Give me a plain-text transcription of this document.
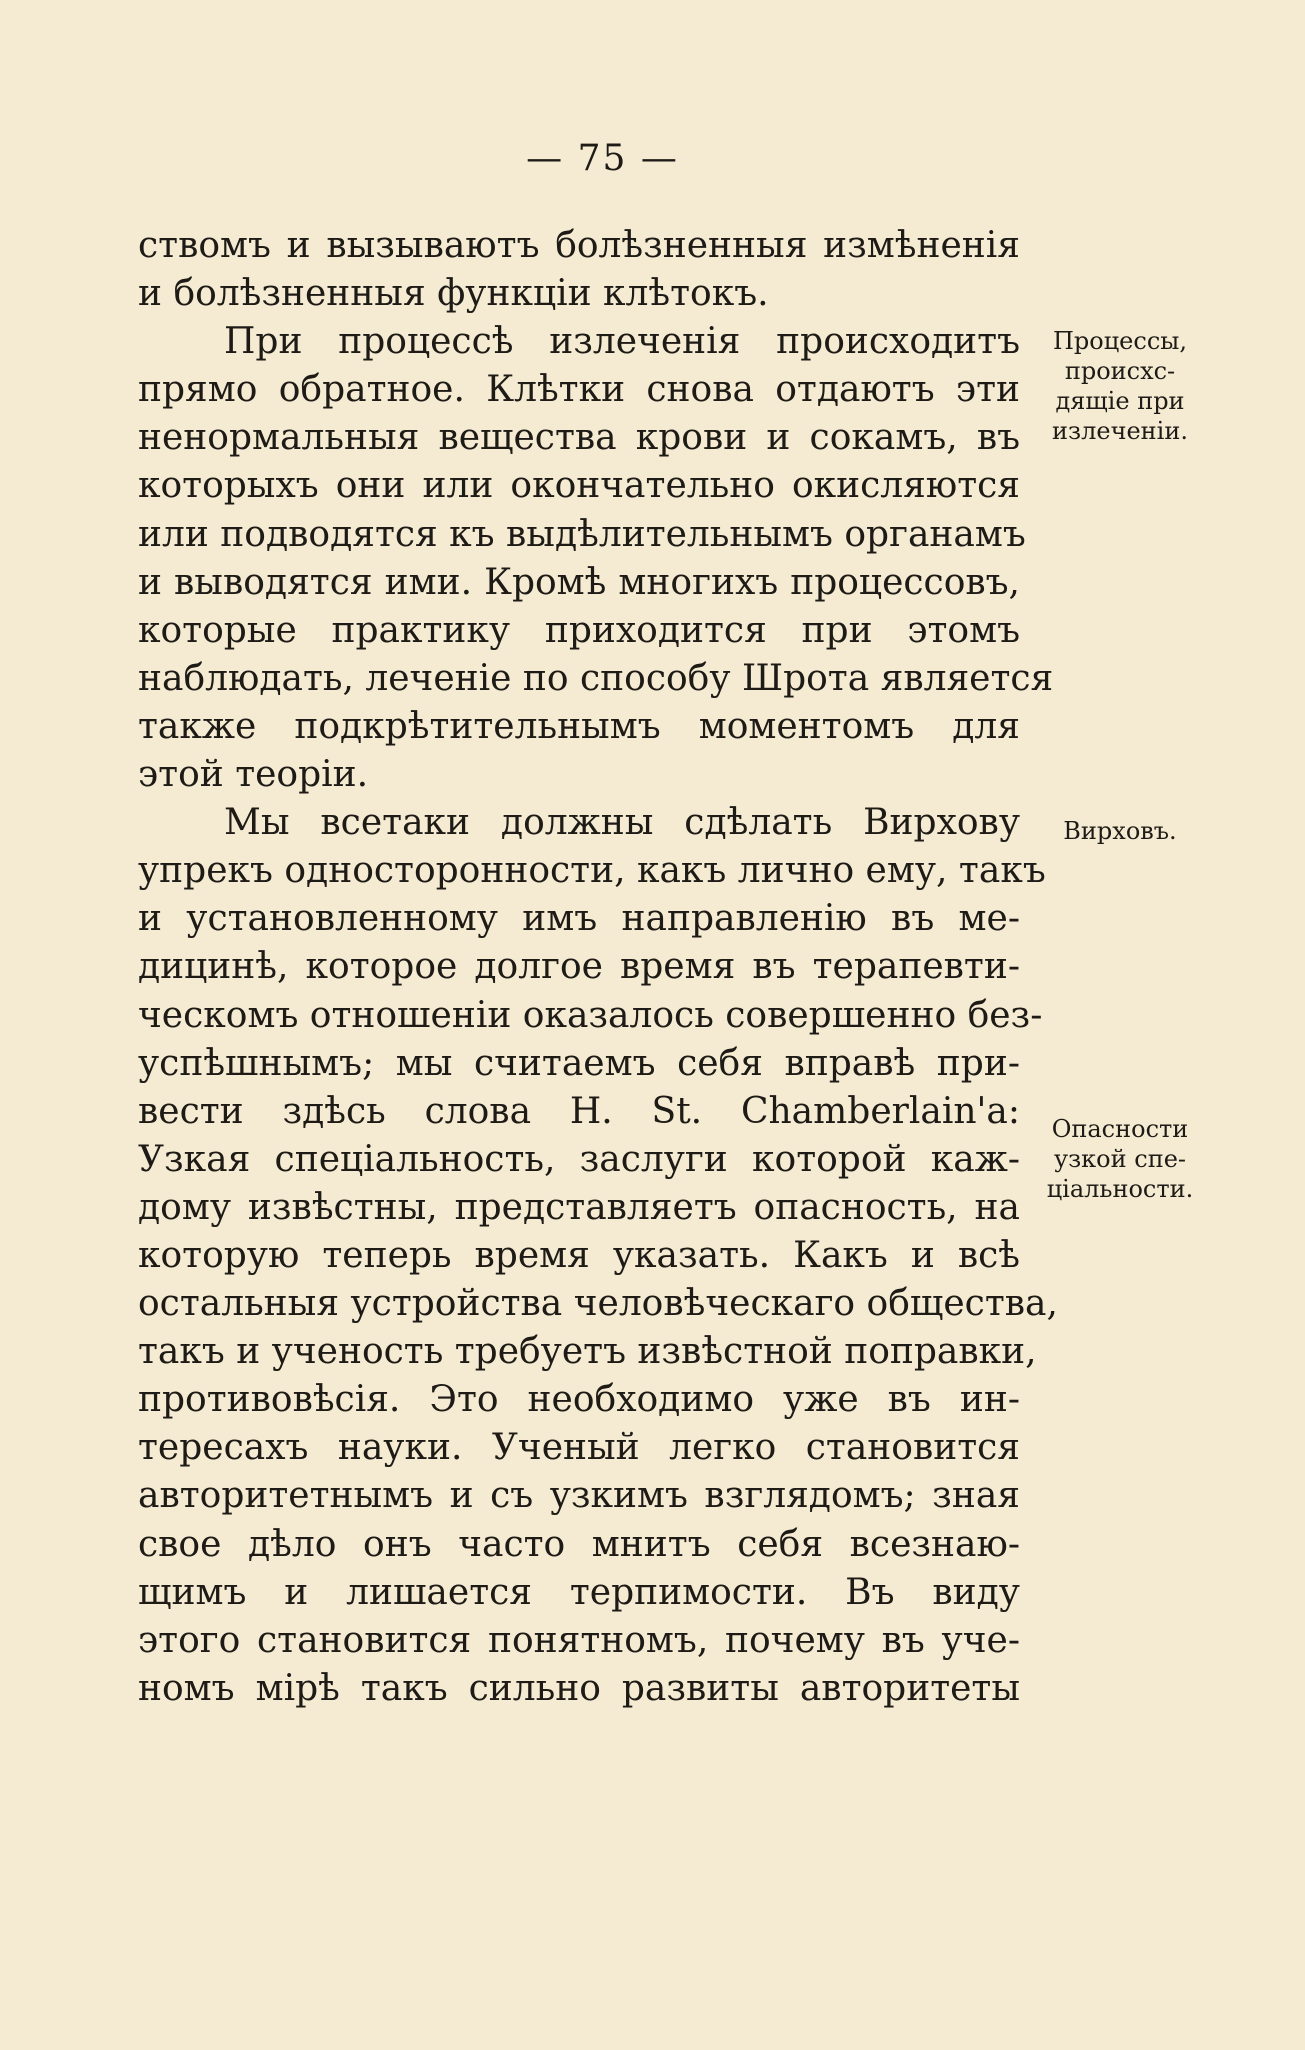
— 75 —
ствомъ и вызываютъ болѣзненныя измѣненія
и болѣзненныя функціи клѣтокъ.
При процессѣ излеченія происходитъ
прямо обратное. Клѣтки снова отдаютъ эти
ненормальныя вещества крови и сокамъ, въ
которыхъ они или окончательно окисляются
или подводятся къ выдѣлительнымъ органамъ
и выводятся ими. Кромѣ многихъ процессовъ,
которые практику приходится при этомъ
наблюдать, леченіе по способу Шрота является
также подкрѣтительнымъ моментомъ для
этой теоріи.
Мы всетаки должны сдѣлать Вирхову
упрекъ односторонности, какъ лично ему, такъ
и установленному имъ направленію въ ме-
дицинѣ, которое долгое время въ терапевти-
ческомъ отношеніи оказалось совершенно без-
успѣшнымъ; мы считаемъ себя вправѣ при-
вести здѣсь слова H. St. Chamberlain'а:
Узкая спеціальность, заслуги которой каж-
дому извѣстны, представляетъ опасность, на
которую теперь время указать. Какъ и всѣ
остальныя устройства человѣческаго общества,
такъ и ученость требуетъ извѣстной поправки,
противовѣсія. Это необходимо уже въ ин-
тересахъ науки. Ученый легко становится
авторитетнымъ и съ узкимъ взглядомъ; зная
свое дѣло онъ часто мнитъ себя всезнаю-
щимъ и лишается терпимости. Въ виду
этого становится понятномъ, почему въ уче-
номъ мірѣ такъ сильно развиты авторитеты
Процессы,
происхс-
дящіе при
излеченіи.
Вирховъ.
Опасности
узкой спе-
ціальности.
